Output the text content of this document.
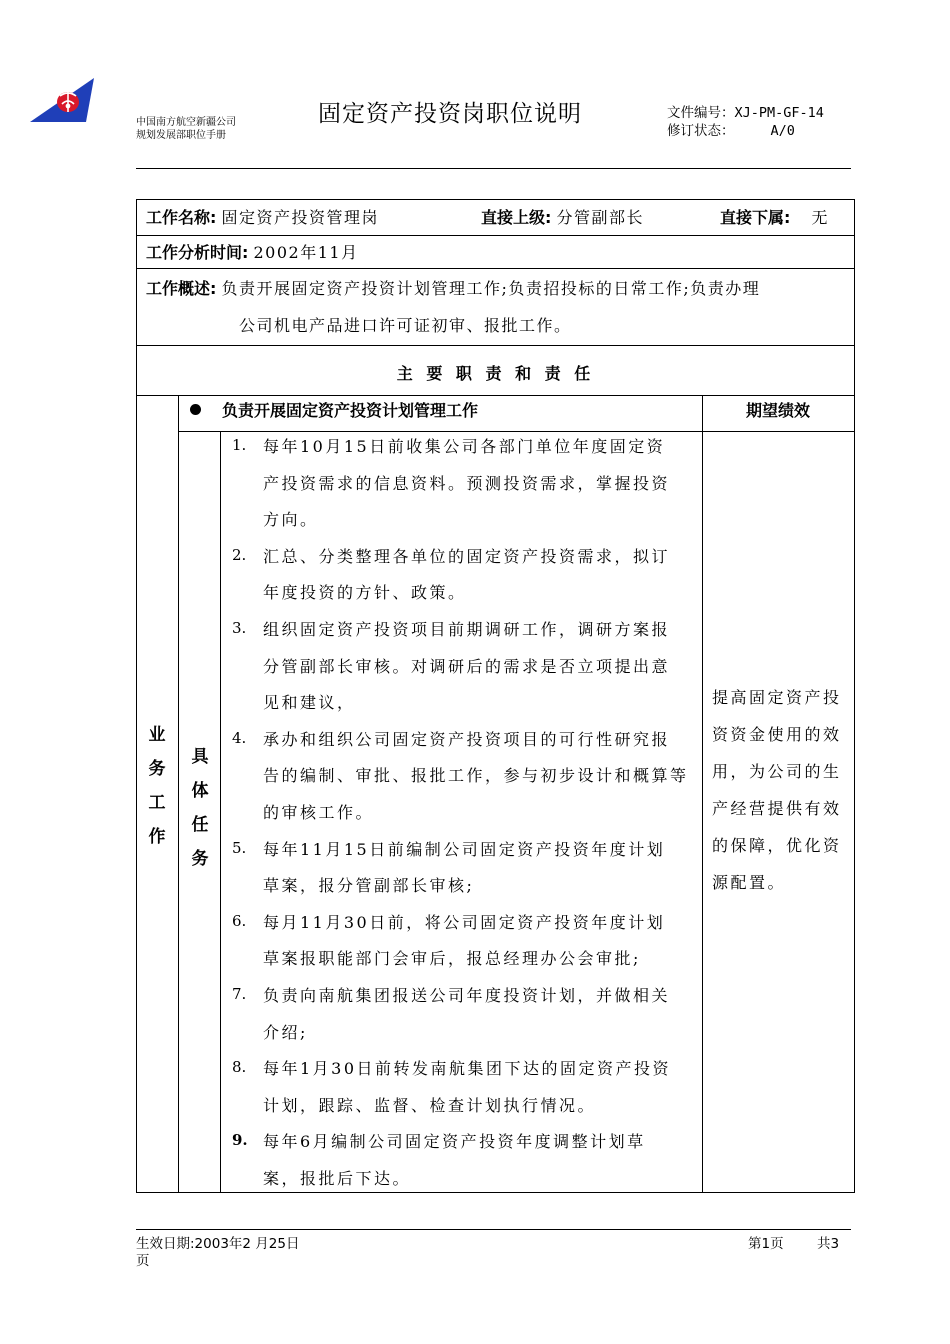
中国南方航空新疆公司
规划发展部职位手册
固定资产投资岗职位说明	文件编号：XJ-PM-GF-14
修订状态：	A/0
工作名称: 固定资产投资管理岗	直接上级: 分管副部长	直接下属: 无
工作分析时间: 2002年11月
工作概述: 负责开展固定资产投资计划管理工作;负责招投标的日常工作;负责办理
公司机电产品进口许可证初审、报批工作。
主 要 职 责 和 责 任
负责开展固定资产投资计划管理工作	期望绩效
业
务
工
作
具
体
任
务
1.	每年10月15日前收集公司各部门单位年度固定资
产投资需求的信息资料。预测投资需求，掌握投资
方向。
2.	汇总、分类整理各单位的固定资产投资需求，拟订
年度投资的方针、政策。
3.	组织固定资产投资项目前期调研工作，调研方案报
分管副部长审核。对调研后的需求是否立项提出意
见和建议，
4.	承办和组织公司固定资产投资项目的可行性研究报
告的编制、审批、报批工作，参与初步设计和概算等
的审核工作。
5.	每年11月15日前编制公司固定资产投资年度计划
草案，报分管副部长审核;
6.	每月11月30日前，将公司固定资产投资年度计划
草案报职能部门会审后，报总经理办公会审批;
7.	负责向南航集团报送公司年度投资计划，并做相关
介绍;
8.	每年1月30日前转发南航集团下达的固定资产投资
计划，跟踪、监督、检查计划执行情况。
9. 每年6月编制公司固定资产投资年度调整计划草
案，报批后下达。
提高固定资产投
资资金使用的效
用，为公司的生
产经营提供有效
的保障，优化资
源配置。
生效日期:2003年2 月25日
页
第1页 共3
